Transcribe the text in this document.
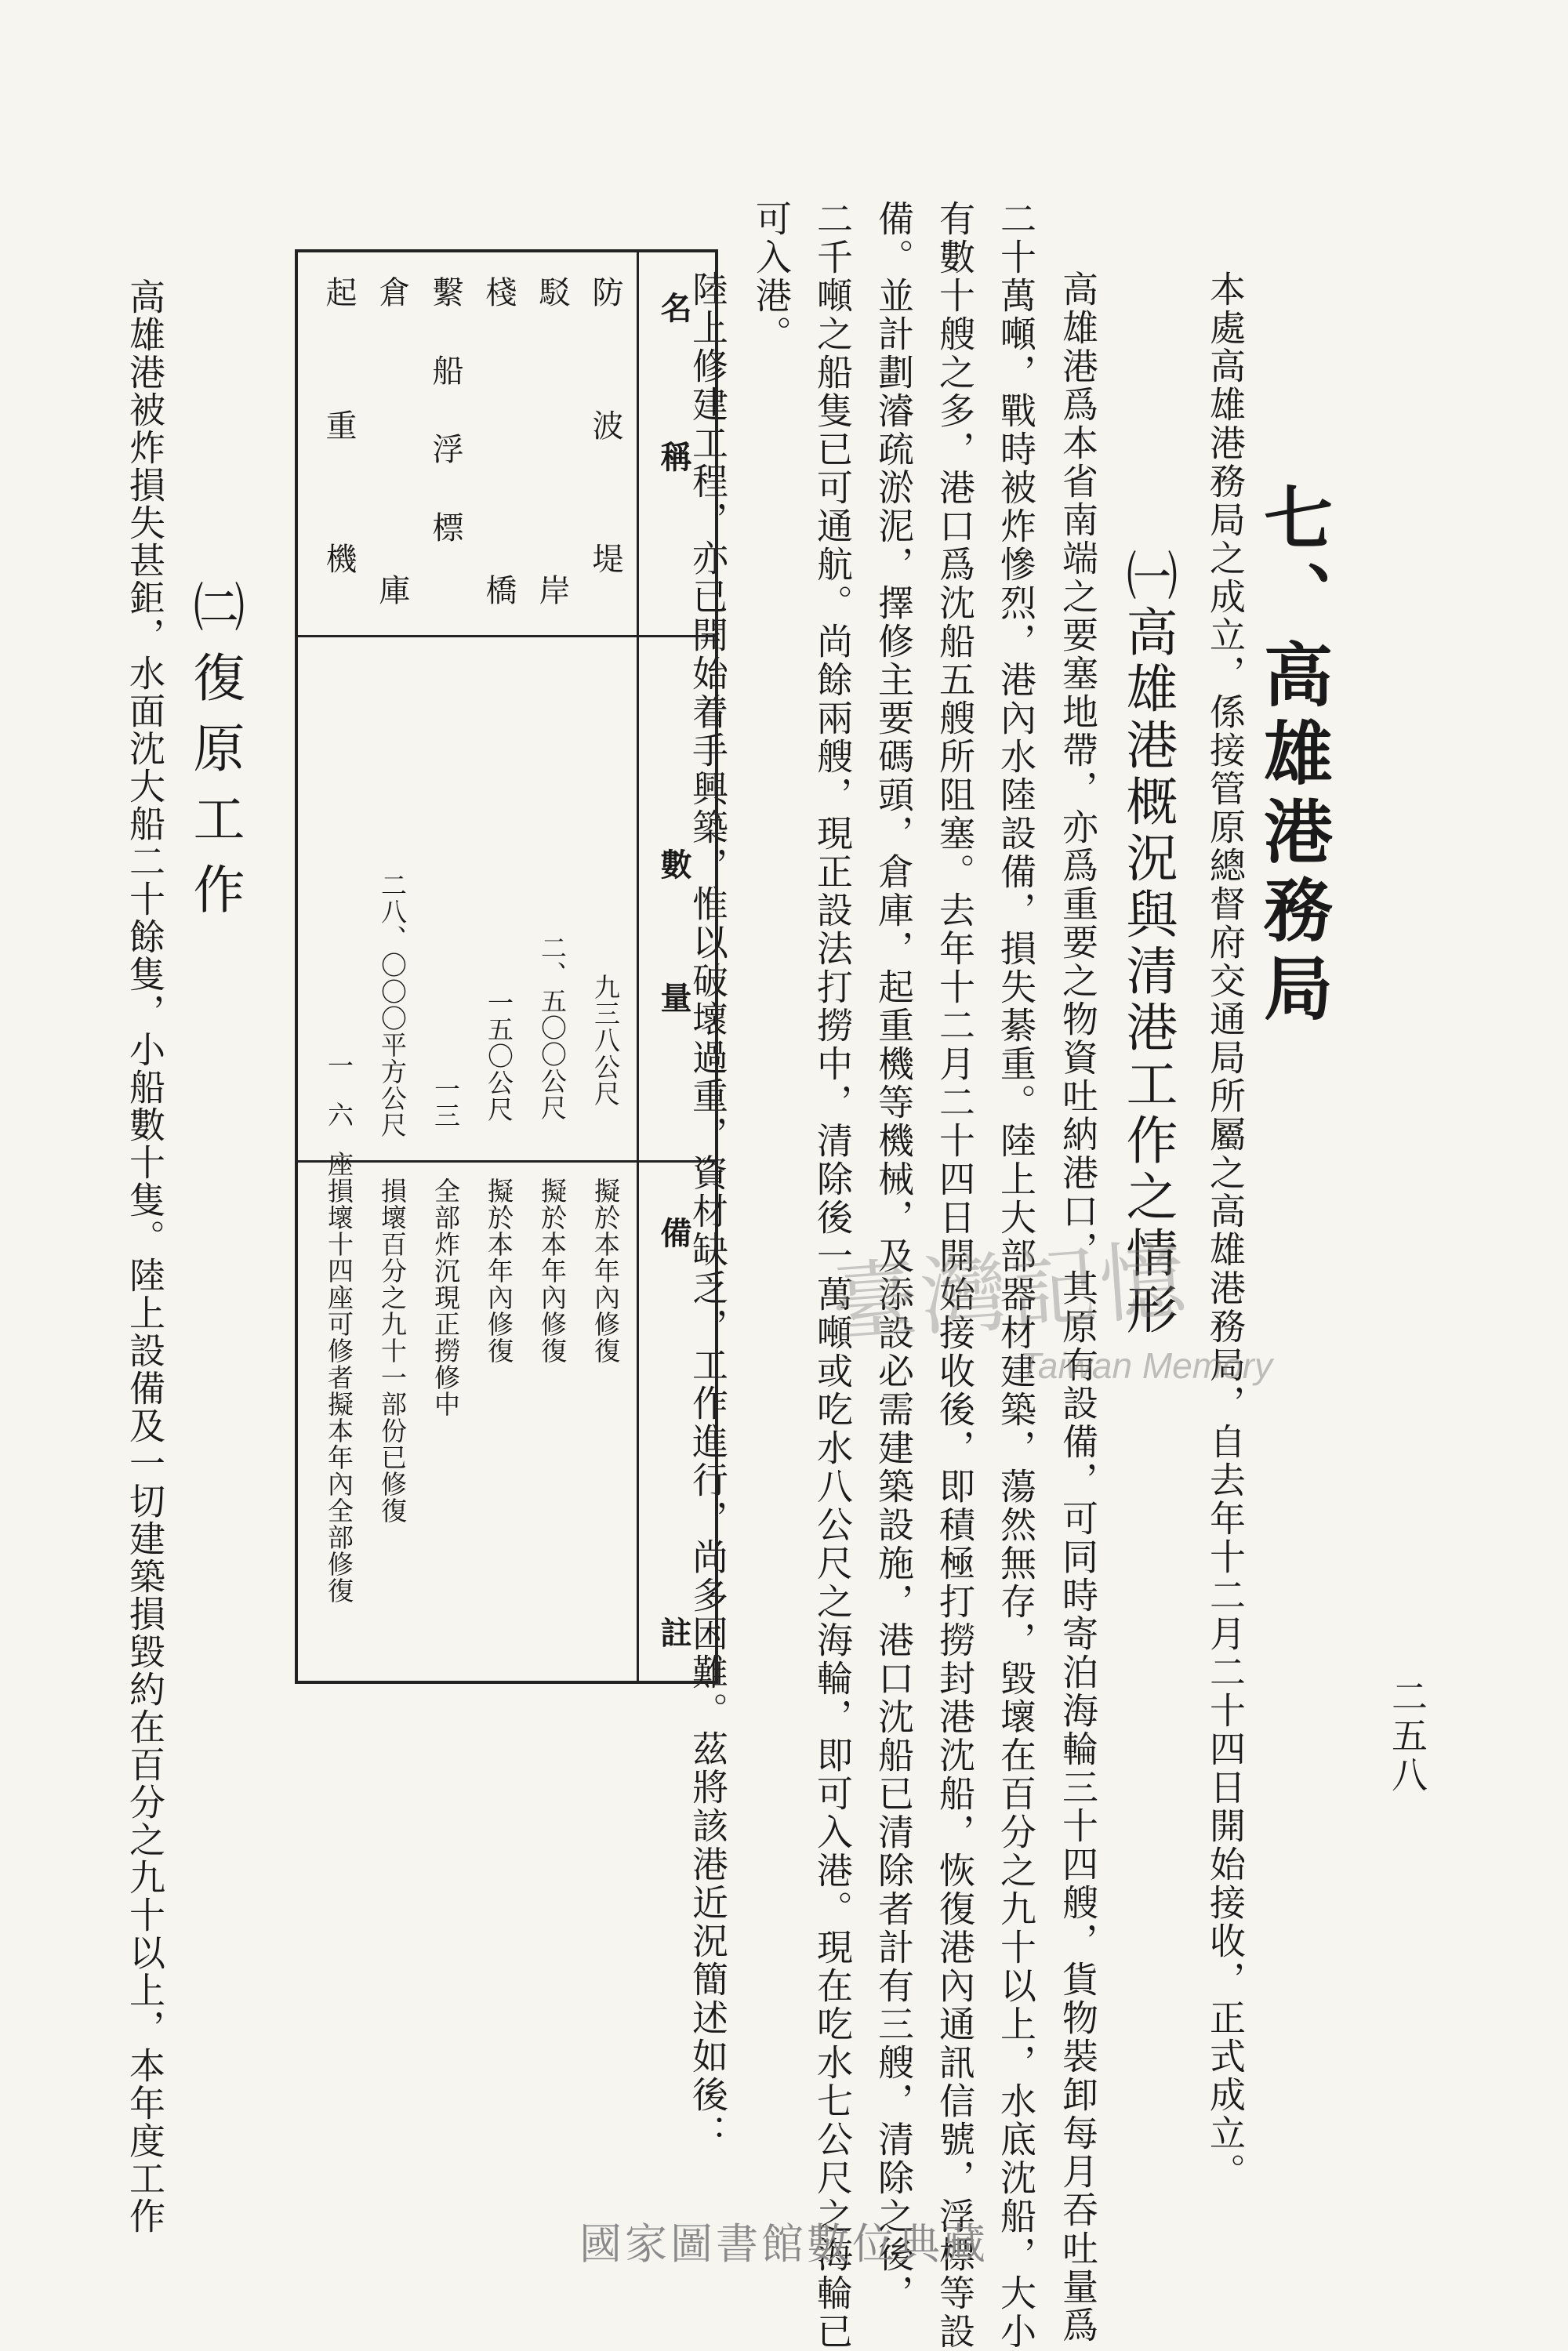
二五八
七、高雄港務局
本處高雄港務局之成立，係接管原總督府交通局所屬之高雄港務局，自去年十二月二十四日開始接收，正式成立。
㈠高雄港概況與清港工作之情形
高雄港爲本省南端之要塞地帶，亦爲重要之物資吐納港口，其原有設備，可同時寄泊海輪三十四艘，貨物裝卸每月吞吐量爲
二十萬噸，戰時被炸慘烈，港內水陸設備，損失綦重。陸上大部器材建築，蕩然無存，毀壞在百分之九十以上，水底沈船，大小
有數十艘之多，港口爲沈船五艘所阻塞。去年十二月二十四日開始接收後，即積極打撈封港沈船，恢復港內通訊信號，浮標等設
備。並計劃濬疏淤泥，擇修主要碼頭，倉庫，起重機等機械，及添設必需建築設施，港口沈船已清除者計有三艘，清除之後，
二千噸之船隻已可通航。尚餘兩艘，現正設法打撈中，清除後一萬噸或吃水八公尺之海輪，即可入港。現在吃水七公尺之海輪已
可入港。
陸上修建工程，亦已開始着手興築，惟以破壞過重，資材缺乏，工作進行，尚多困難。茲將該港近況簡述如後：
名稱
數量
備註
防波堤
駁岸
棧橋
繫船浮標
倉庫
起重機
九三八公尺
二、五〇〇公尺
一五〇公尺
一三
二八、〇〇〇平方公尺
一六座
擬於本年內修復
擬於本年內修復
擬於本年內修復
全部炸沉現正撈修中
損壞百分之九十一部份已修復
損壞十四座可修者擬本年內全部修復
㈡復原工作
高雄港被炸損失甚鉅，水面沈大船二十餘隻，小船數十隻。陸上設備及一切建築損毀約在百分之九十以上，本年度工作	臺灣記憶
Taiwan Memory
國家圖書館數位典藏
